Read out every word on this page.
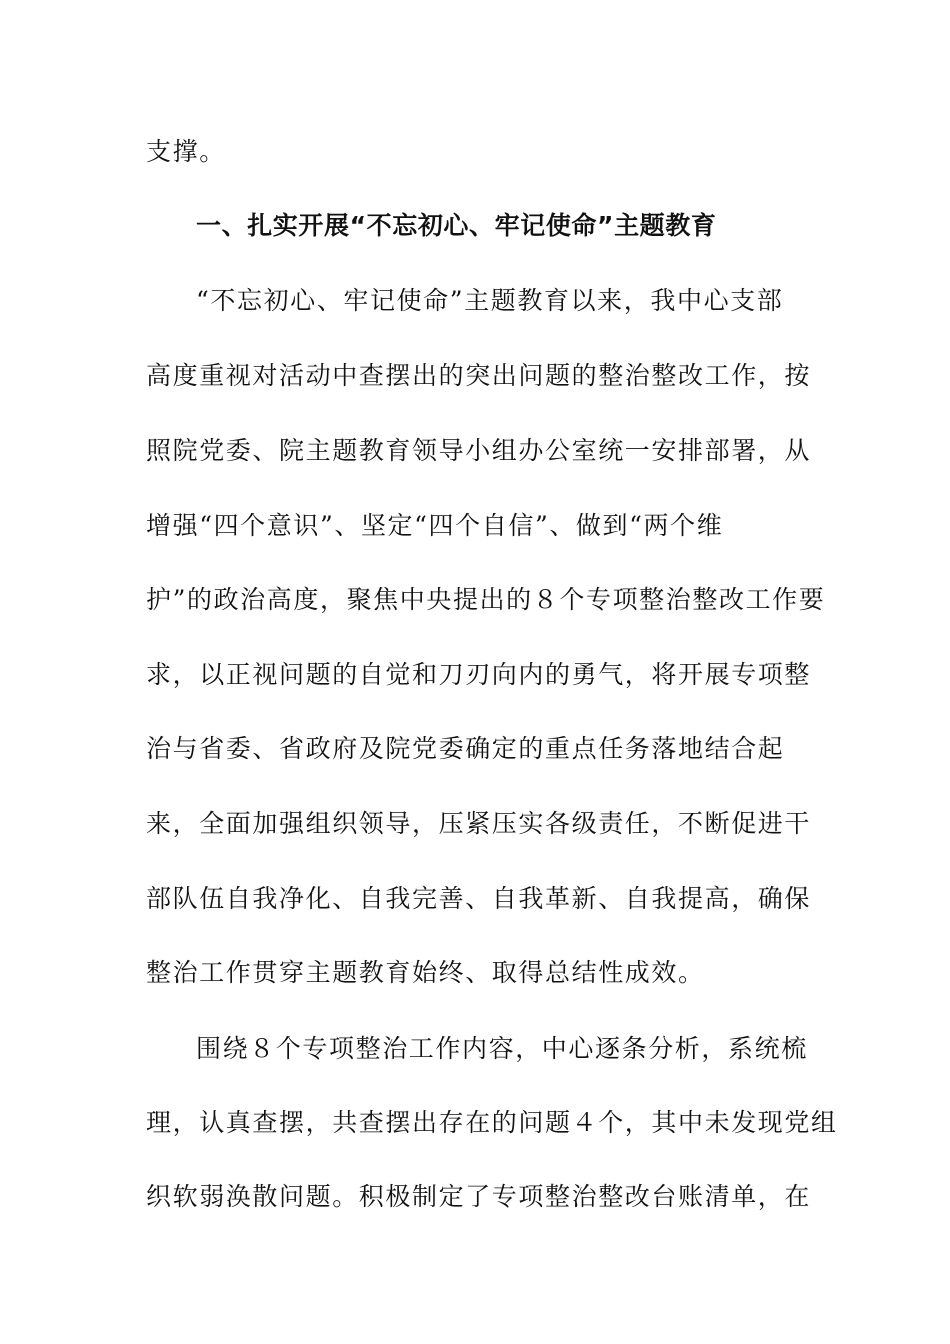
支撑。
一、扎实开展“不忘初心、牢记使命”主题教育
“不忘初心、牢记使命”主题教育以来，我中心支部
高度重视对活动中查摆出的突出问题的整治整改工作，按
照院党委、院主题教育领导小组办公室统一安排部署，从
增强“四个意识”、坚定“四个自信”、做到“两个维
护”的政治高度，聚焦中央提出的８个专项整治整改工作要
求，以正视问题的自觉和刀刃向内的勇气，将开展专项整
治与省委、省政府及院党委确定的重点任务落地结合起
来，全面加强组织领导，压紧压实各级责任，不断促进干
部队伍自我净化、自我完善、自我革新、自我提高，确保
整治工作贯穿主题教育始终、取得总结性成效。
围绕８个专项整治工作内容，中心逐条分析，系统梳
理，认真查摆，共查摆出存在的问题４个，其中未发现党组
织软弱涣散问题。积极制定了专项整治整改台账清单，在
